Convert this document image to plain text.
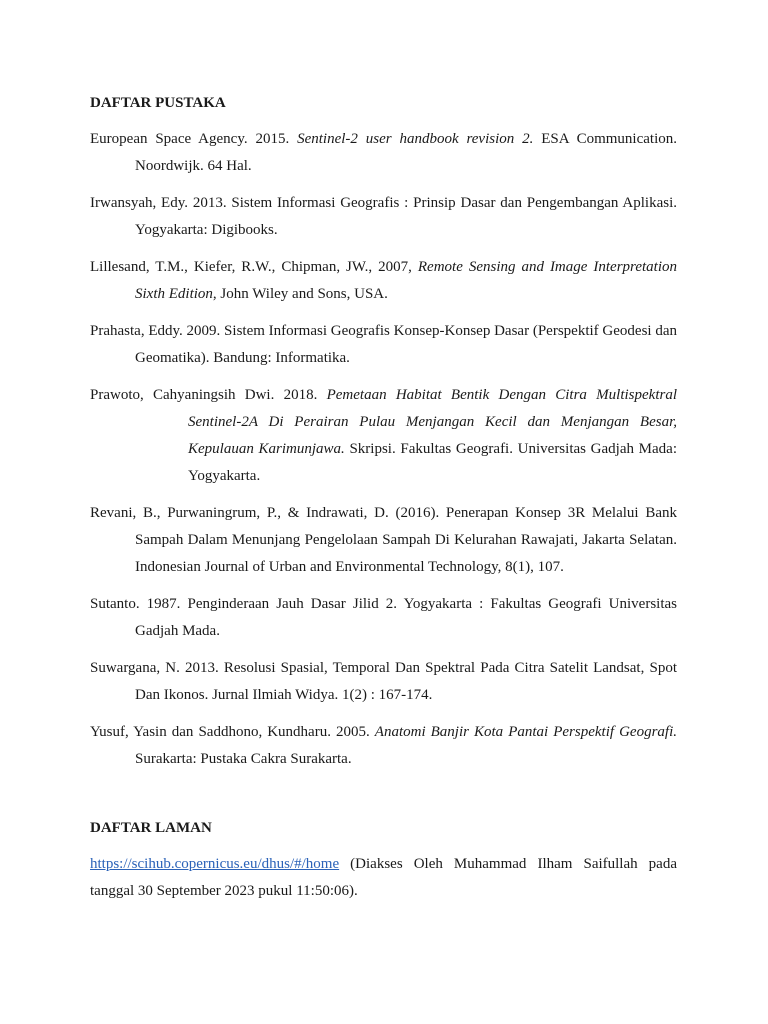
DAFTAR PUSTAKA

European Space Agency. 2015. Sentinel-2 user handbook revision 2. ESA Communication. Noordwijk. 64 Hal.

Irwansyah, Edy. 2013. Sistem Informasi Geografis : Prinsip Dasar dan Pengembangan Aplikasi. Yogyakarta: Digibooks.

Lillesand, T.M., Kiefer, R.W., Chipman, JW., 2007, Remote Sensing and Image Interpretation Sixth Edition, John Wiley and Sons, USA.

Prahasta, Eddy. 2009. Sistem Informasi Geografis Konsep-Konsep Dasar (Perspektif Geodesi dan Geomatika). Bandung: Informatika.

Prawoto, Cahyaningsih Dwi. 2018. Pemetaan Habitat Bentik Dengan Citra Multispektral Sentinel-2A Di Perairan Pulau Menjangan Kecil dan Menjangan Besar, Kepulauan Karimunjawa. Skripsi. Fakultas Geografi. Universitas Gadjah Mada: Yogyakarta.

Revani, B., Purwaningrum, P., & Indrawati, D. (2016). Penerapan Konsep 3R Melalui Bank Sampah Dalam Menunjang Pengelolaan Sampah Di Kelurahan Rawajati, Jakarta Selatan. Indonesian Journal of Urban and Environmental Technology, 8(1), 107.

Sutanto. 1987. Penginderaan Jauh Dasar Jilid 2. Yogyakarta : Fakultas Geografi Universitas Gadjah Mada.

Suwargana, N. 2013. Resolusi Spasial, Temporal Dan Spektral Pada Citra Satelit Landsat, Spot Dan Ikonos. Jurnal Ilmiah Widya. 1(2) : 167-174.

Yusuf, Yasin dan Saddhono, Kundharu. 2005. Anatomi Banjir Kota Pantai Perspektif Geografi. Surakarta: Pustaka Cakra Surakarta.

DAFTAR LAMAN

https://scihub.copernicus.eu/dhus/#/home (Diakses Oleh Muhammad Ilham Saifullah pada tanggal 30 September 2023 pukul 11:50:06).
